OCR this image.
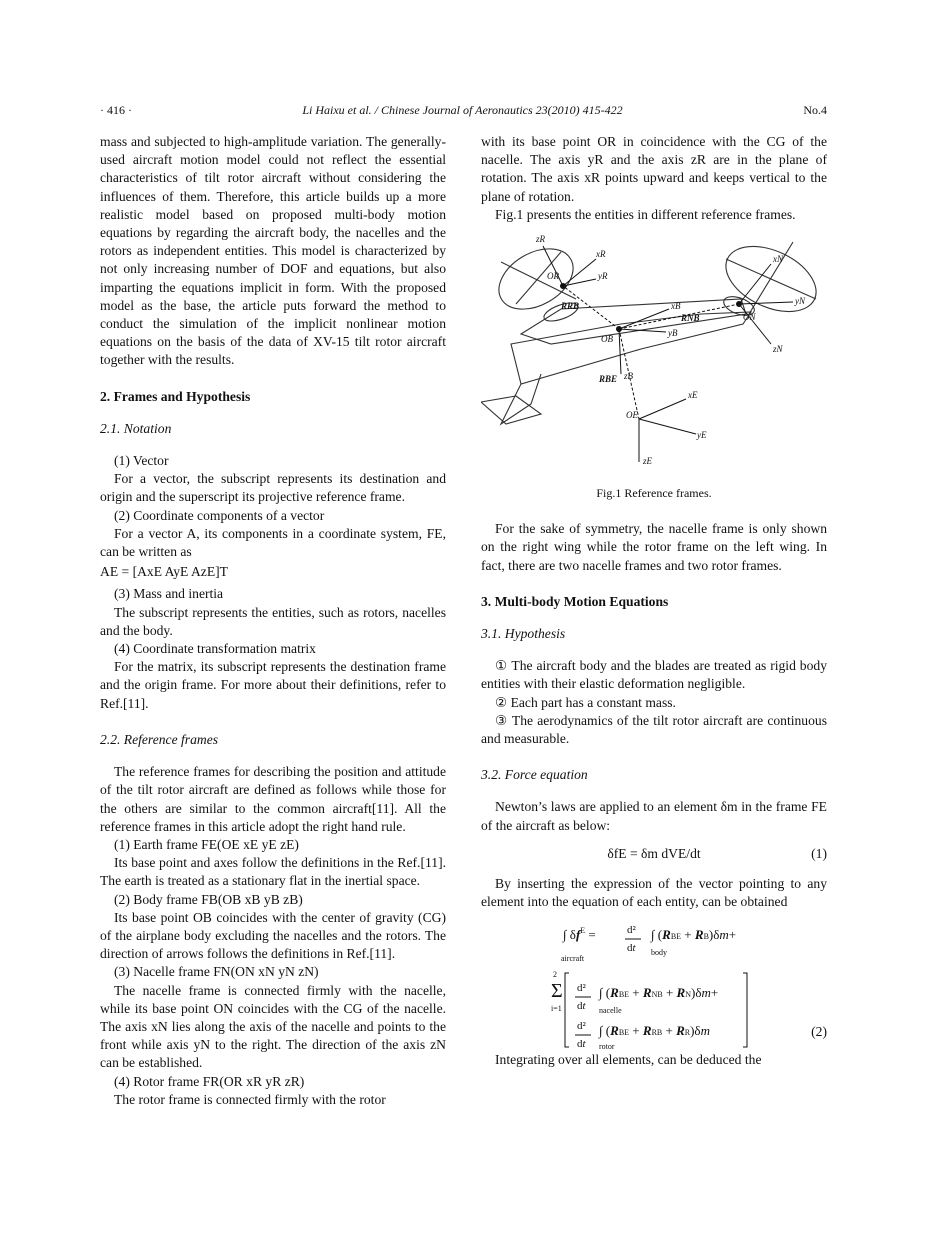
Li Haixu et al. / Chinese Journal of Aeronautics 23(2010) 415-422
· 416 ·	No.4

mass and subjected to high-amplitude variation. The generally-used aircraft motion model could not reflect the essential characteristics of tilt rotor aircraft without considering the influences of them. Therefore, this article builds up a more realistic model based on proposed multi-body motion equations by regarding the aircraft body, the nacelles and the rotors as independent entities. This model is characterized by not only increasing number of DOF and equations, but also imparting the equations implicit in form. With the proposed model as the base, the article puts forward the method to conduct the simulation of the implicit nonlinear motion equations on the basis of the data of XV-15 tilt rotor aircraft together with the results.

2. Frames and Hypothesis
2.1. Notation

(1) Vector

For a vector, the subscript represents its destination and origin and the superscript its projective reference frame.

(2) Coordinate components of a vector

For a vector A, its components in a coordinate system, FE, can be written as

AE = [AxE AyE AzE]T

(3) Mass and inertia

The subscript represents the entities, such as rotors, nacelles and the body.

(4) Coordinate transformation matrix

For the matrix, its subscript represents the destination frame and the origin frame. For more about their definitions, refer to Ref.[11].

2.2. Reference frames

The reference frames for describing the position and attitude of the tilt rotor aircraft are defined as follows while those for the others are similar to the common aircraft[11]. All the reference frames in this article adopt the right hand rule.

(1) Earth frame FE(OE xE yE zE)

Its base point and axes follow the definitions in the Ref.[11]. The earth is treated as a stationary flat in the inertial space.

(2) Body frame FB(OB xB yB zB)

Its base point OB coincides with the center of gravity (CG) of the airplane body excluding the nacelles and the rotors. The direction of arrows follows the definitions in Ref.[11].

(3) Nacelle frame FN(ON xN yN zN)

The nacelle frame is connected firmly with the nacelle, while its base point ON coincides with the CG of the nacelle. The axis xN lies along the axis of the nacelle and points to the front while axis yN to the right. The direction of the axis zN can be established.

(4) Rotor frame FR(OR xR yR zR)

The rotor frame is connected firmly with the rotor

with its base point OR in coincidence with the CG of the nacelle. The axis yR and the axis zR are in the plane of rotation. The axis xR points upward and keeps vertical to the plane of rotation.

Fig.1 presents the entities in different reference frames.

zR
xR
OR	yR
RRB	xB
xN
yN
ON
RNB
OB
yB
zN
RBE zB
xE
OE
yE
zE
Fig.1 Reference frames.

For the sake of symmetry, the nacelle frame is only shown on the right wing while the rotor frame on the left wing. In fact, there are two nacelle frames and two rotor frames.

3. Multi-body Motion Equations
3.1. Hypothesis

① The aircraft body and the blades are treated as rigid body entities with their elastic deformation negligible.

② Each part has a constant mass.

③ The aerodynamics of the tilt rotor aircraft are continuous and measurable.

3.2. Force equation

Newton’s laws are applied to an element δm in the frame FE of the aircraft as below:

δfE = δm dVE/dt	(1)

By inserting the expression of the vector pointing to any element into the equation of each entity, can be obtained

∫ $\delta f^E$ =	d²
dt
∫ (RBE + RB)δm+
aircraft
body
Σ
2
i=1
d²
dt
∫ (RBE + RNB + RN)δm+
nacelle
d²
dt
∫ (RBE + RRB + RR)δm
rotor
(2)

Integrating over all elements, can be deduced the
